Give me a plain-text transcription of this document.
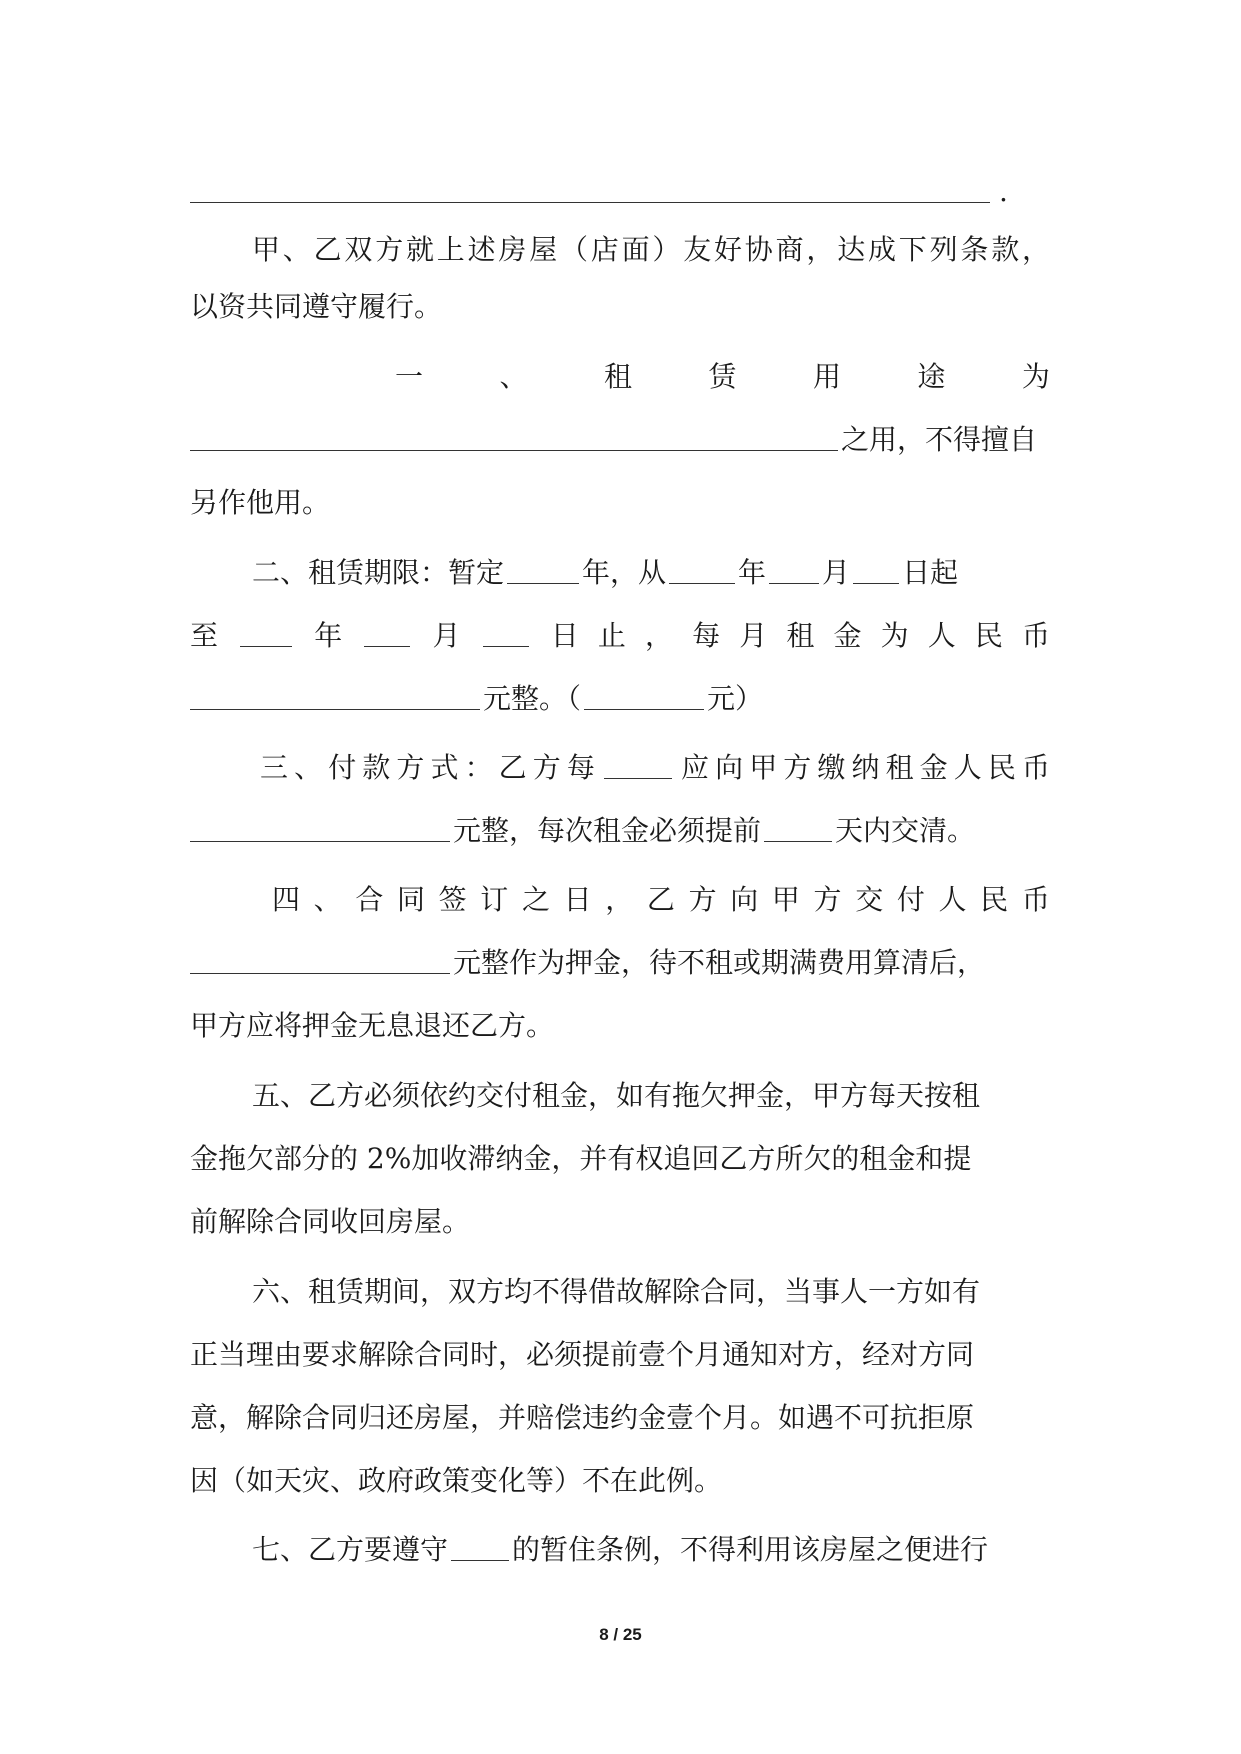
.
甲、乙双方就上述房屋（店面）友好协商，达成下列条款，
以资共同遵守履行。
一	、	租	赁	用	途	为
之用，不得擅自
另作他用。
二、租赁期限：暂定	年，从	年 月 日起
至	年	月	日 止 ， 每 月 租 金 为 人 民 币
元整。（	元）
三 、 付 款 方 式 ： 乙 方 每	应 向 甲 方 缴 纳 租 金 人 民 币
元整，每次租金必须提前	天内交清。
四 、 合 同 签 订 之 日 ， 乙 方 向 甲 方 交 付 人 民 币
元整作为押金，待不租或期满费用算清后，
甲方应将押金无息退还乙方。
五、乙方必须依约交付租金，如有拖欠押金，甲方每天按租
金拖欠部分的 2%加收滞纳金，并有权追回乙方所欠的租金和提
前解除合同收回房屋。
六、租赁期间，双方均不得借故解除合同，当事人一方如有
正当理由要求解除合同时，必须提前壹个月通知对方，经对方同
意，解除合同归还房屋，并赔偿违约金壹个月。如遇不可抗拒原
因（如天灾、政府政策变化等）不在此例。
七、乙方要遵守 的暂住条例，不得利用该房屋之便进行
8 / 25
